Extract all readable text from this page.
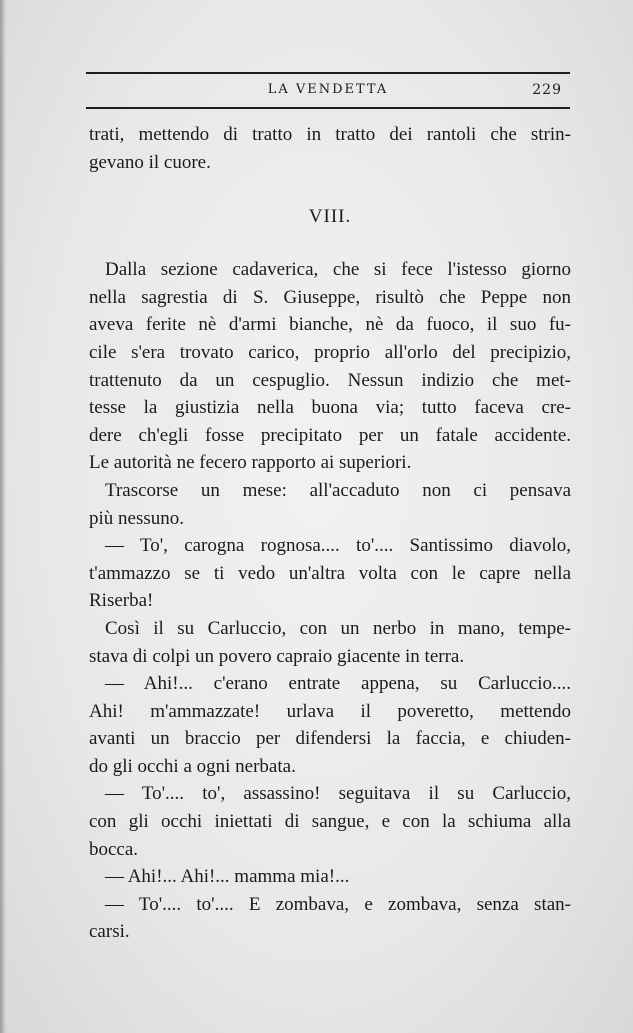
LA VENDETTA	229
trati, mettendo di tratto in tratto dei rantoli che strin-
gevano il cuore.
VIII.
Dalla sezione cadaverica, che si fece l'istesso giorno
nella sagrestia di S. Giuseppe, risultò che Peppe non
aveva ferite nè d'armi bianche, nè da fuoco, il suo fu-
cile s'era trovato carico, proprio all'orlo del precipizio,
trattenuto da un cespuglio. Nessun indizio che met-
tesse la giustizia nella buona via; tutto faceva cre-
dere ch'egli fosse precipitato per un fatale accidente.
Le autorità ne fecero rapporto ai superiori.
Trascorse un mese: all'accaduto non ci pensava
più nessuno.
— To', carogna rognosa.... to'.... Santissimo diavolo,
t'ammazzo se ti vedo un'altra volta con le capre nella
Riserba!
Così il su Carluccio, con un nerbo in mano, tempe-
stava di colpi un povero capraio giacente in terra.
— Ahi!... c'erano entrate appena, su Carluccio....
Ahi! m'ammazzate! urlava il poveretto, mettendo
avanti un braccio per difendersi la faccia, e chiuden-
do gli occhi a ogni nerbata.
— To'.... to', assassino! seguitava il su Carluccio,
con gli occhi iniettati di sangue, e con la schiuma alla
bocca.
— Ahi!... Ahi!... mamma mia!...
— To'.... to'.... E zombava, e zombava, senza stan-
carsi.
